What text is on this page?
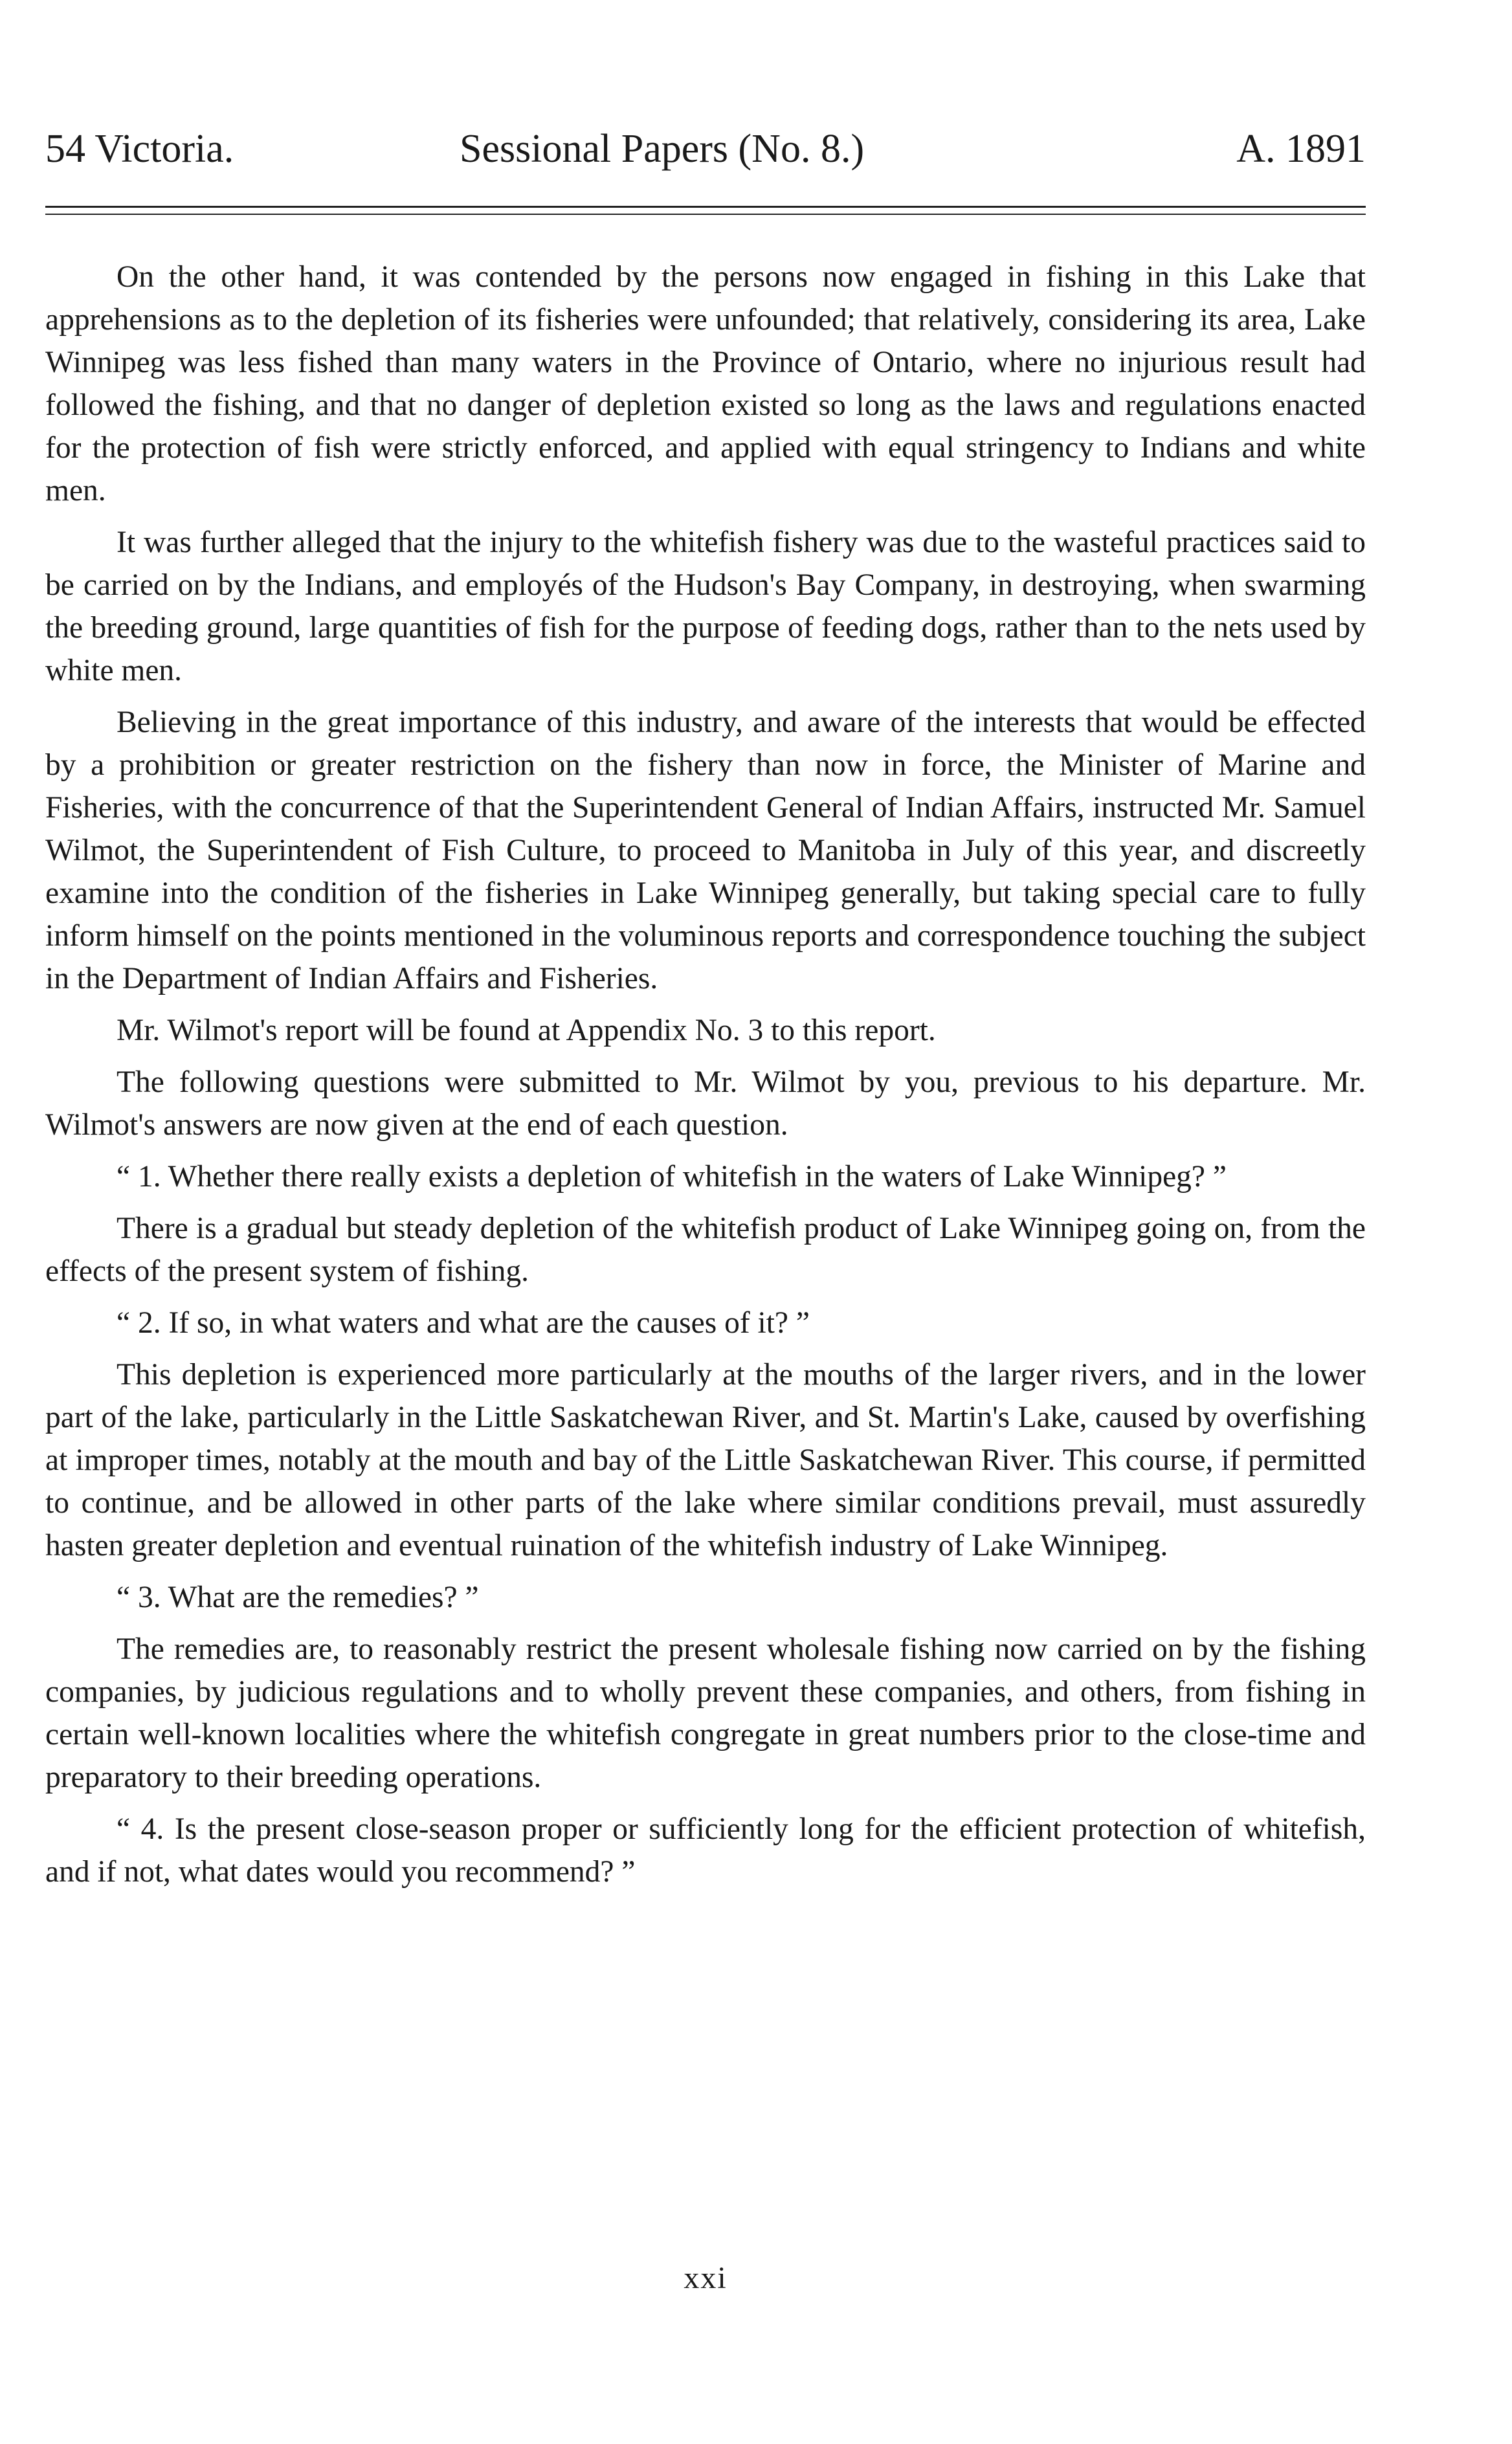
54 Victoria.	Sessional Papers (No. 8.)	A. 1891

On the other hand, it was contended by the persons now engaged in fishing in this Lake that apprehensions as to the depletion of its fisheries were unfounded; that relatively, considering its area, Lake Winnipeg was less fished than many waters in the Province of Ontario, where no injurious result had followed the fishing, and that no danger of depletion existed so long as the laws and regulations enacted for the protection of fish were strictly enforced, and applied with equal stringency to Indians and white men.

It was further alleged that the injury to the whitefish fishery was due to the wasteful practices said to be carried on by the Indians, and employés of the Hudson's Bay Company, in destroying, when swarming the breeding ground, large quantities of fish for the purpose of feeding dogs, rather than to the nets used by white men.

Believing in the great importance of this industry, and aware of the interests that would be effected by a prohibition or greater restriction on the fishery than now in force, the Minister of Marine and Fisheries, with the concurrence of that the Superintendent General of Indian Affairs, instructed Mr. Samuel Wilmot, the Superintendent of Fish Culture, to proceed to Manitoba in July of this year, and discreetly examine into the condition of the fisheries in Lake Winnipeg generally, but taking special care to fully inform himself on the points mentioned in the voluminous reports and correspondence touching the subject in the Department of Indian Affairs and Fisheries.

Mr. Wilmot's report will be found at Appendix No. 3 to this report.

The following questions were submitted to Mr. Wilmot by you, previous to his departure. Mr. Wilmot's answers are now given at the end of each question.

“ 1. Whether there really exists a depletion of whitefish in the waters of Lake Winnipeg? ”

There is a gradual but steady depletion of the whitefish product of Lake Winnipeg going on, from the effects of the present system of fishing.

“ 2. If so, in what waters and what are the causes of it? ”

This depletion is experienced more particularly at the mouths of the larger rivers, and in the lower part of the lake, particularly in the Little Saskatchewan River, and St. Martin's Lake, caused by overfishing at improper times, notably at the mouth and bay of the Little Saskatchewan River. This course, if permitted to continue, and be allowed in other parts of the lake where similar conditions prevail, must assuredly hasten greater depletion and eventual ruination of the whitefish industry of Lake Winnipeg.

“ 3. What are the remedies? ”

The remedies are, to reasonably restrict the present wholesale fishing now carried on by the fishing companies, by judicious regulations and to wholly prevent these companies, and others, from fishing in certain well-known localities where the whitefish congregate in great numbers prior to the close-time and preparatory to their breeding operations.

“ 4. Is the present close-season proper or sufficiently long for the efficient protection of whitefish, and if not, what dates would you recommend? ”

xxi
